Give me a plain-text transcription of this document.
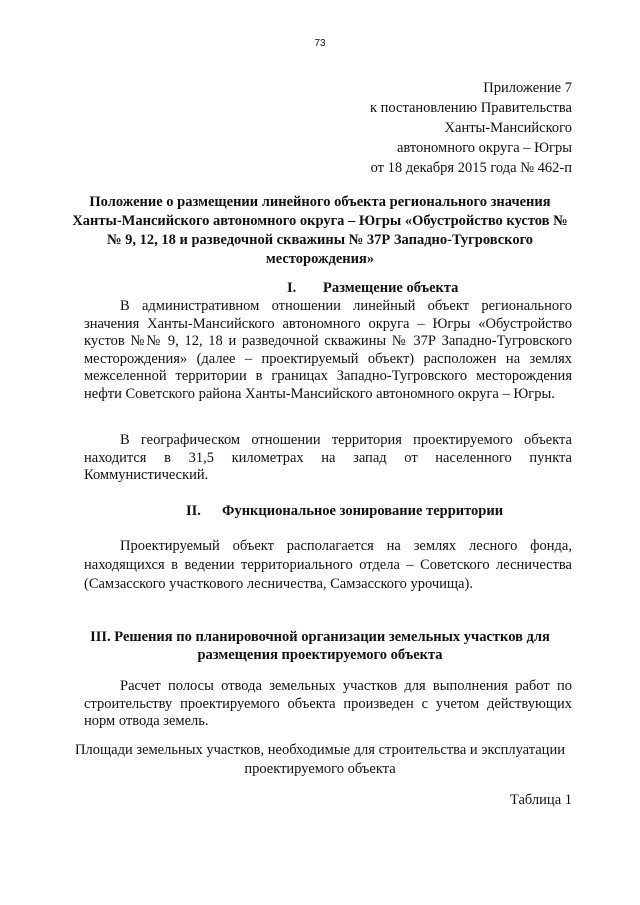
73
Приложение 7
к постановлению Правительства
Ханты-Мансийского
автономного округа – Югры
от 18 декабря 2015 года № 462-п
Положение о размещении линейного объекта регионального значения Ханты-Мансийского автономного округа – Югры «Обустройство кустов №№ 9, 12, 18 и разведочной скважины № 37Р Западно-Тугровского месторождения»
I. Размещение объекта

В административном отношении линейный объект регионального значения Ханты-Мансийского автономного округа – Югры «Обустройство кустов №№ 9, 12, 18 и разведочной скважины № 37Р Западно-Тугровского месторождения» (далее – проектируемый объект) расположен на землях межселенной территории в границах Западно-Тугровского месторождения нефти Советского района Ханты-Мансийского автономного округа – Югры.

В географическом отношении территория проектируемого объекта находится в 31,5 километрах на запад от населенного пункта Коммунистический.

II. Функциональное зонирование территории

Проектируемый объект располагается на землях лесного фонда, находящихся в ведении территориального отдела – Советского лесничества (Самзасского участкового лесничества, Самзасского урочища).

III. Решения по планировочной организации земельных участков для размещения проектируемого объекта

Расчет полосы отвода земельных участков для выполнения работ по строительству проектируемого объекта произведен с учетом действующих норм отвода земель.

Площади земельных участков, необходимые для строительства и эксплуатации проектируемого объекта
Таблица 1
